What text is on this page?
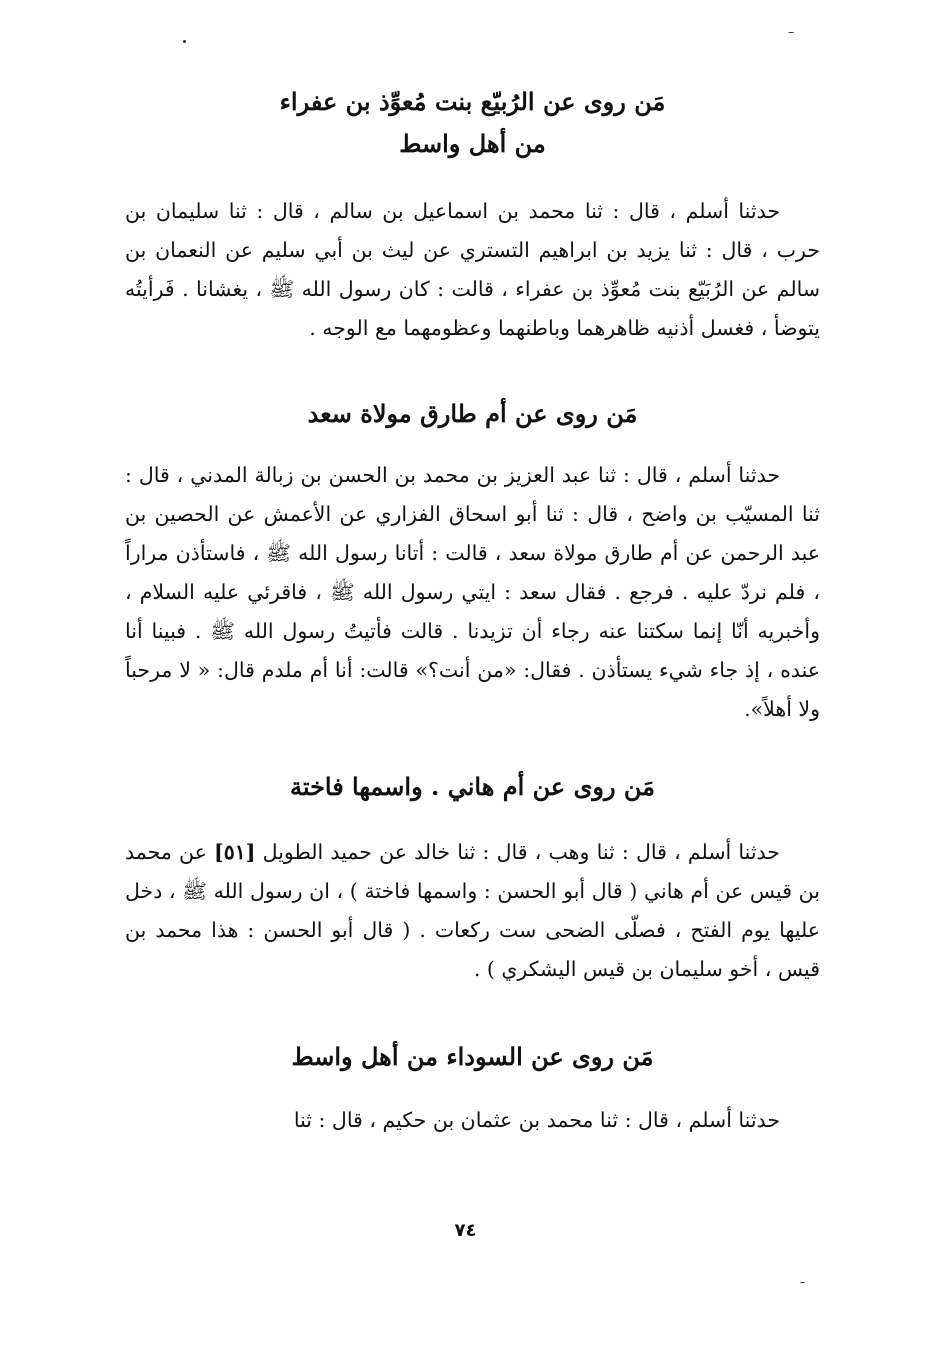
مَن روى عن الرُبيّع بنت مُعوِّذ بن عفراء
من أهل واسط

حدثنا أسلم ، قال : ثنا محمد بن اسماعيل بن سالم ، قال : ثنا سليمان بن حرب ، قال : ثنا يزيد بن ابراهيم التستري عن ليث بن أبي سليم عن النعمان بن سالم عن الرُبَيّع بنت مُعوِّذ بن عفراء ، قالت : كان رسول الله ﷺ ، يغشانا . فَرأيتُه يتوضأ ، فغسل أذنيه ظاهرهما وباطنهما وعظومهما مع الوجه .

مَن روى عن أم طارق مولاة سعد

حدثنا أسلم ، قال : ثنا عبد العزيز بن محمد بن الحسن بن زبالة المدني ، قال : ثنا المسيّب بن واضح ، قال : ثنا أبو اسحاق الفزاري عن الأعمش عن الحصين بن عبد الرحمن عن أم طارق مولاة سعد ، قالت : أتانا رسول الله ﷺ ، فاستأذن مراراً ، فلم نردّ عليه . فرجع . فقال سعد : ايتي رسول الله ﷺ ، فاقرئي عليه السلام ، وأخبريه أنّا إنما سكتنا عنه رجاء أن تزيدنا . قالت فأتيتُ رسول الله ﷺ . فبينا أنا عنده ، إذ جاء شيء يستأذن . فقال: «من أنت؟» قالت: أنا أم ملدم قال: « لا مرحباً ولا أهلاً».

مَن روى عن أم هاني . واسمها فاختة

حدثنا أسلم ، قال : ثنا وهب ، قال : ثنا خالد عن حميد الطويل [٥١] عن محمد بن قيس عن أم هاني ( قال أبو الحسن : واسمها فاختة ) ، ان رسول الله ﷺ ، دخل عليها يوم الفتح ، فصلّى الضحى ست ركعات . ( قال أبو الحسن : هذا محمد بن قيس ، أخو سليمان بن قيس اليشكري ) .

مَن روى عن السوداء من أهل واسط

حدثنا أسلم ، قال : ثنا محمد بن عثمان بن حكيم ، قال : ثنا

٧٤
